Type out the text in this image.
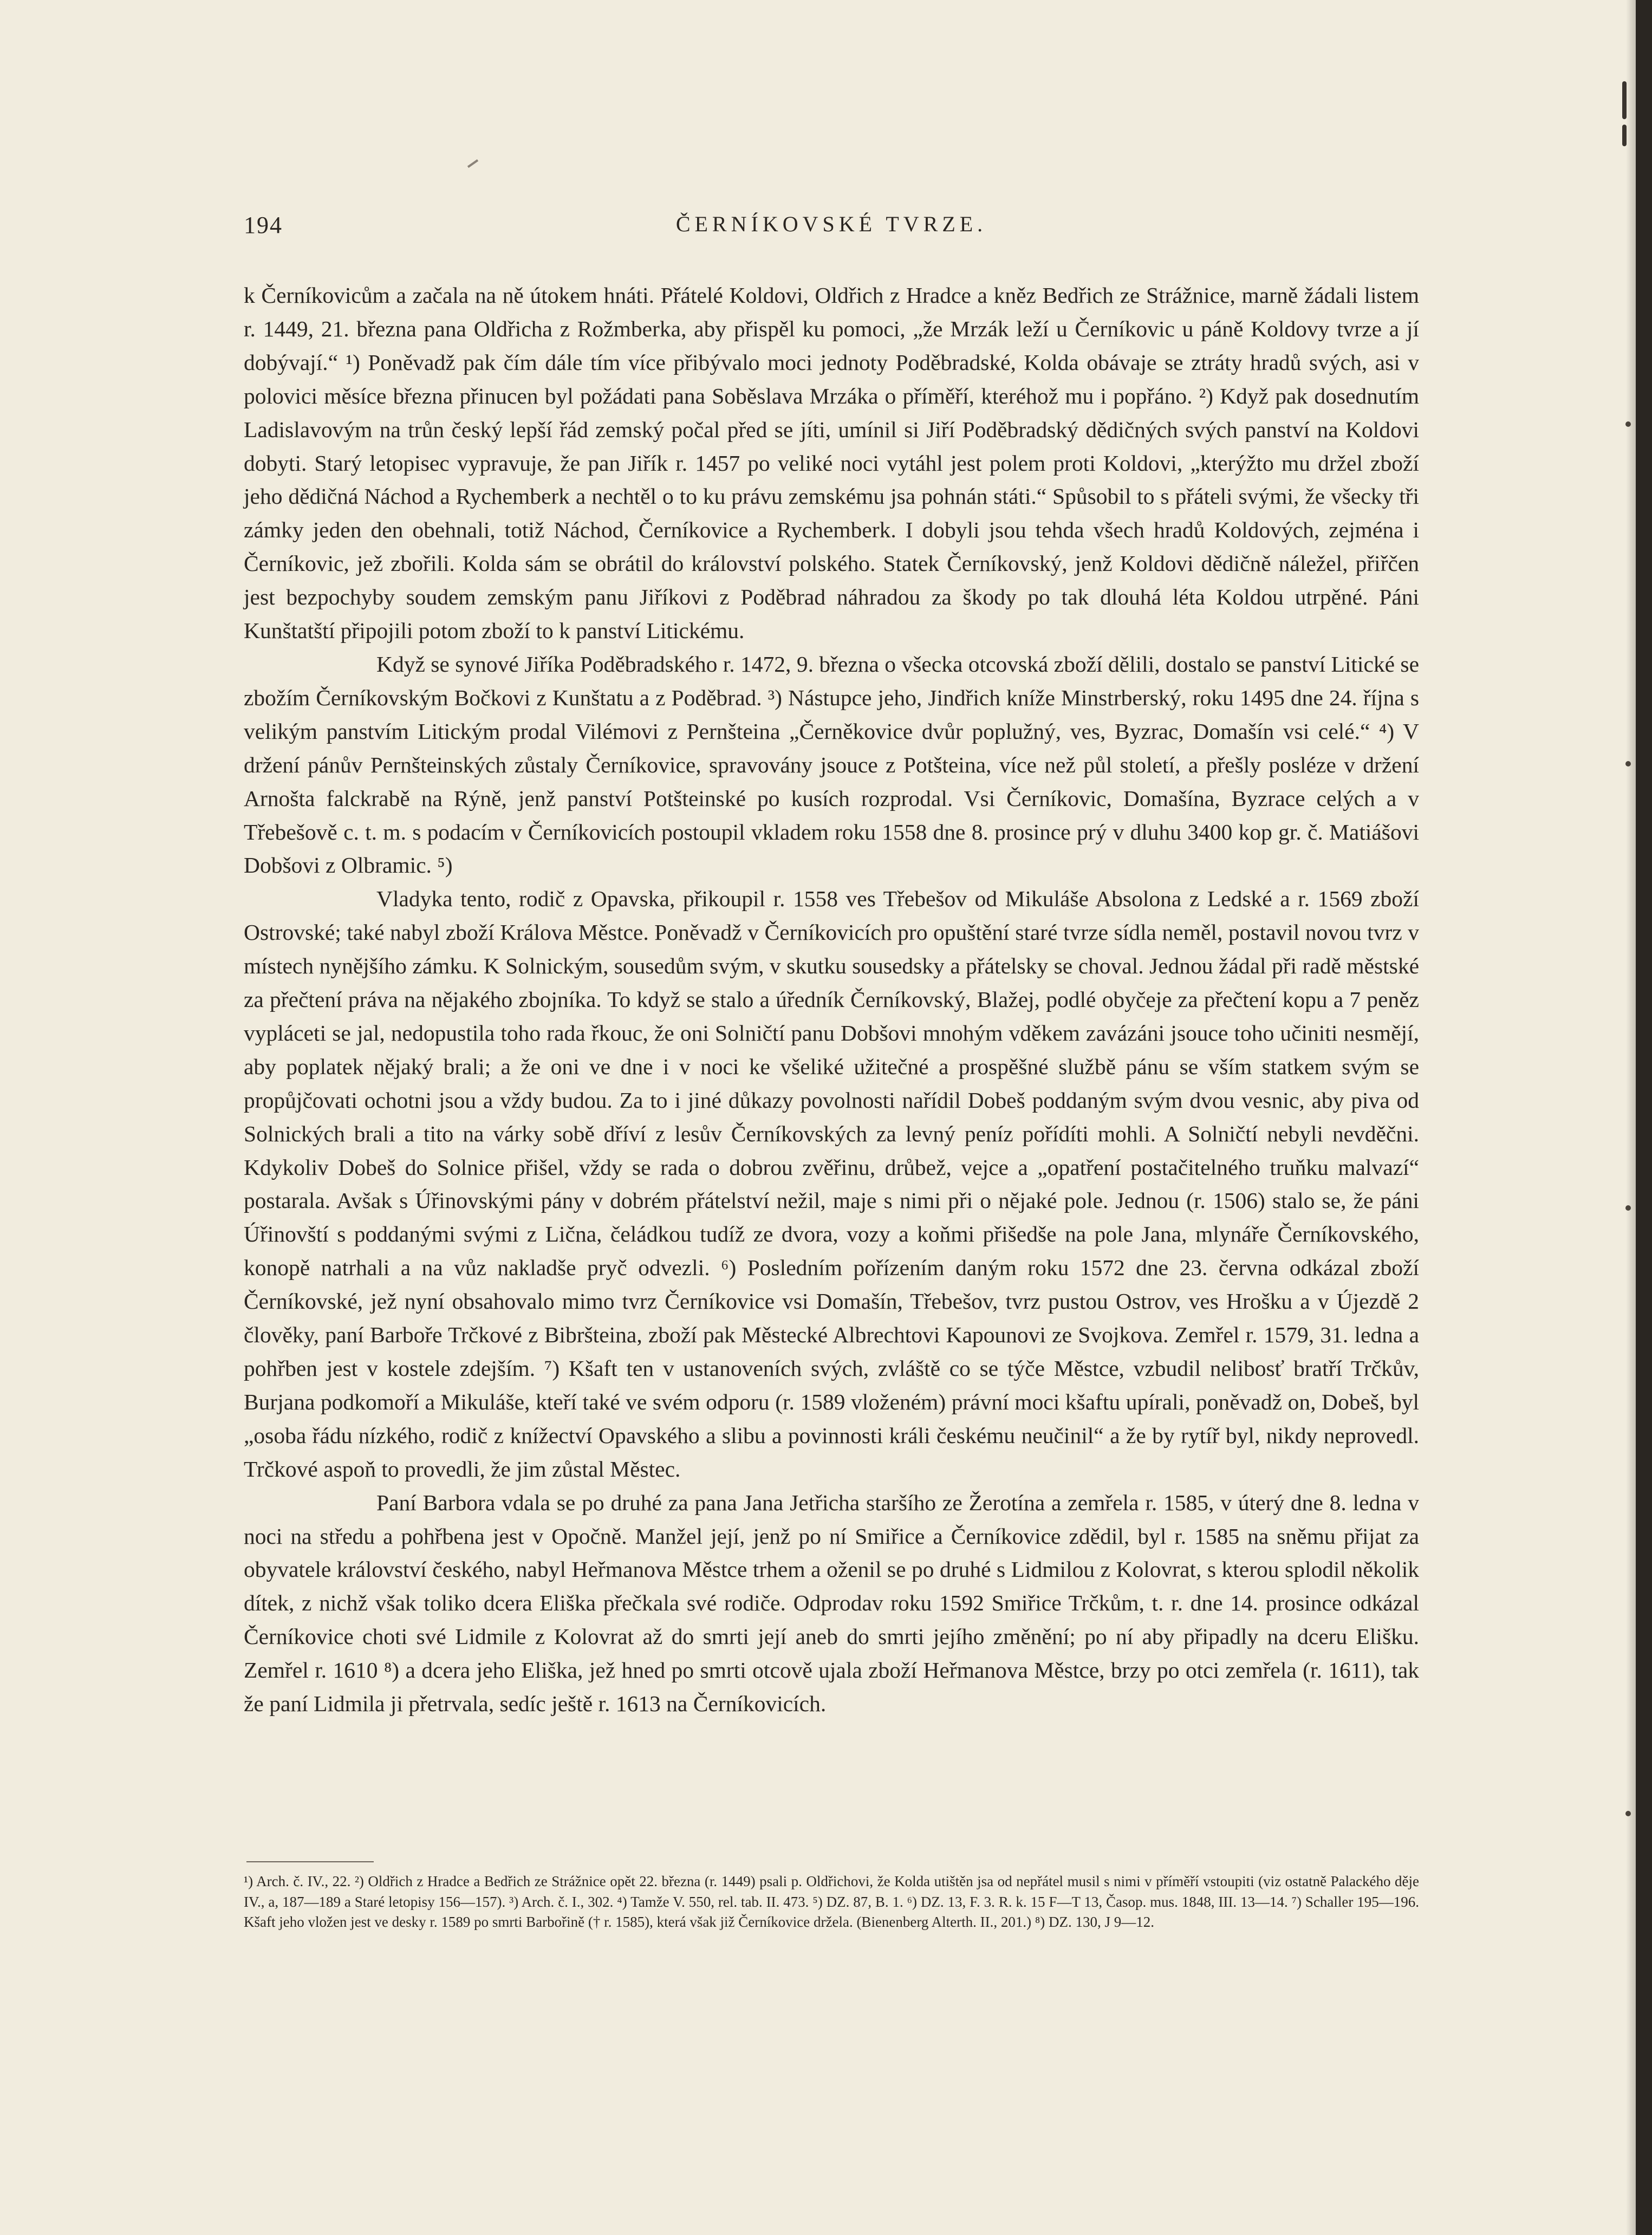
194	ČERNÍKOVSKÉ TVRZE.

k Černíkovicům a začala na ně útokem hnáti. Přátelé Koldovi, Oldřich z Hradce a kněz Bedřich ze Strážnice, marně žádali listem r. 1449, 21. března pana Oldřicha z Rožmberka, aby přispěl ku pomoci, „že Mrzák leží u Černíkovic u páně Koldovy tvrze a jí dobývají.“ ¹) Poněvadž pak čím dále tím více přibývalo moci jednoty Poděbradské, Kolda obávaje se ztráty hradů svých, asi v polovici měsíce března přinucen byl požádati pana Soběslava Mrzáka o příměří, kteréhož mu i popřáno. ²) Když pak dosednutím Ladislavovým na trůn český lepší řád zemský počal před se jíti, umínil si Jiří Poděbradský dědičných svých panství na Koldovi dobyti. Starý letopisec vypravuje, že pan Jiřík r. 1457 po veliké noci vytáhl jest polem proti Koldovi, „kterýžto mu držel zboží jeho dědičná Náchod a Rychemberk a nechtěl o to ku právu zemskému jsa pohnán státi.“ Spůsobil to s přáteli svými, že všecky tři zámky jeden den obehnali, totiž Náchod, Černíkovice a Rychemberk. I dobyli jsou tehda všech hradů Koldových, zejména i Černíkovic, jež zbořili. Kolda sám se obrátil do království polského. Statek Černíkovský, jenž Koldovi dědičně náležel, přiřčen jest bezpochyby soudem zemským panu Jiříkovi z Poděbrad náhradou za škody po tak dlouhá léta Koldou utrpěné. Páni Kunštatští připojili potom zboží to k panství Litickému.

Když se synové Jiříka Poděbradského r. 1472, 9. března o všecka otcovská zboží dělili, dostalo se panství Litické se zbožím Černíkovským Bočkovi z Kunštatu a z Poděbrad. ³) Nástupce jeho, Jindřich kníže Minstrberský, roku 1495 dne 24. října s velikým panstvím Litickým prodal Vilémovi z Pernšteina „Černěkovice dvůr poplužný, ves, Byzrac, Domašín vsi celé.“ ⁴) V držení pánův Pernšteinských zůstaly Černíkovice, spravovány jsouce z Potšteina, více než půl století, a přešly posléze v držení Arnošta falckrabě na Rýně, jenž panství Potšteinské po kusích rozprodal. Vsi Černíkovic, Domašína, Byzrace celých a v Třebešově c. t. m. s podacím v Černíkovicích postoupil vkladem roku 1558 dne 8. prosince prý v dluhu 3400 kop gr. č. Matiášovi Dobšovi z Olbramic. ⁵)

Vladyka tento, rodič z Opavska, přikoupil r. 1558 ves Třebešov od Mikuláše Absolona z Ledské a r. 1569 zboží Ostrovské; také nabyl zboží Králova Městce. Poněvadž v Černíkovicích pro opuštění staré tvrze sídla neměl, postavil novou tvrz v místech nynějšího zámku. K Solnickým, sousedům svým, v skutku sousedsky a přátelsky se choval. Jednou žádal při radě městské za přečtení práva na nějakého zbojníka. To když se stalo a úředník Černíkovský, Blažej, podlé obyčeje za přečtení kopu a 7 peněz vypláceti se jal, nedopustila toho rada řkouc, že oni Solničtí panu Dobšovi mnohým vděkem zavázáni jsouce toho učiniti nesmějí, aby poplatek nějaký brali; a že oni ve dne i v noci ke všeliké užitečné a prospěšné službě pánu se vším statkem svým se propůjčovati ochotni jsou a vždy budou. Za to i jiné důkazy povolnosti nařídil Dobeš poddaným svým dvou vesnic, aby piva od Solnických brali a tito na várky sobě dříví z lesův Černíkovských za levný peníz pořídíti mohli. A Solničtí nebyli nevděčni. Kdykoliv Dobeš do Solnice přišel, vždy se rada o dobrou zvěřinu, drůbež, vejce a „opatření postačitelného truňku malvazí“ postarala. Avšak s Úřinovskými pány v dobrém přátelství nežil, maje s nimi při o nějaké pole. Jednou (r. 1506) stalo se, že páni Úřinovští s poddanými svými z Lična, čeládkou tudíž ze dvora, vozy a koňmi přišedše na pole Jana, mlynáře Černíkovského, konopě natrhali a na vůz nakladše pryč odvezli. ⁶) Posledním pořízením daným roku 1572 dne 23. června odkázal zboží Černíkovské, jež nyní obsahovalo mimo tvrz Černíkovice vsi Domašín, Třebešov, tvrz pustou Ostrov, ves Hrošku a v Újezdě 2 člověky, paní Barboře Trčkové z Bibršteina, zboží pak Městecké Albrechtovi Kapounovi ze Svojkova. Zemřel r. 1579, 31. ledna a pohřben jest v kostele zdejším. ⁷) Kšaft ten v ustanoveních svých, zvláště co se týče Městce, vzbudil nelibosť bratří Trčkův, Burjana podkomoří a Mikuláše, kteří také ve svém odporu (r. 1589 vloženém) právní moci kšaftu upírali, poněvadž on, Dobeš, byl „osoba řádu nízkého, rodič z knížectví Opavského a slibu a povinnosti králi českému neučinil“ a že by rytíř byl, nikdy neprovedl. Trčkové aspoň to provedli, že jim zůstal Městec.

Paní Barbora vdala se po druhé za pana Jana Jetřicha staršího ze Žerotína a zemřela r. 1585, v úterý dne 8. ledna v noci na středu a pohřbena jest v Opočně. Manžel její, jenž po ní Smiřice a Černíkovice zdědil, byl r. 1585 na sněmu přijat za obyvatele království českého, nabyl Heřmanova Městce trhem a oženil se po druhé s Lidmilou z Kolovrat, s kterou splodil několik dítek, z nichž však toliko dcera Eliška přečkala své rodiče. Odprodav roku 1592 Smiřice Trčkům, t. r. dne 14. prosince odkázal Černíkovice choti své Lidmile z Kolovrat až do smrti její aneb do smrti jejího změnění; po ní aby připadly na dceru Elišku. Zemřel r. 1610 ⁸) a dcera jeho Eliška, jež hned po smrti otcově ujala zboží Heřmanova Městce, brzy po otci zemřela (r. 1611), tak že paní Lidmila ji přetrvala, sedíc ještě r. 1613 na Černíkovicích.

¹) Arch. č. IV., 22. ²) Oldřich z Hradce a Bedřich ze Strážnice opět 22. března (r. 1449) psali p. Oldřichovi, že Kolda utištěn jsa od nepřátel musil s nimi v příměří vstoupiti (viz ostatně Palackého děje IV., a, 187—189 a Staré letopisy 156—157). ³) Arch. č. I., 302. ⁴) Tamže V. 550, rel. tab. II. 473. ⁵) DZ. 87, B. 1. ⁶) DZ. 13, F. 3. R. k. 15 F—T 13, Časop. mus. 1848, III. 13—14. ⁷) Schaller 195—196. Kšaft jeho vložen jest ve desky r. 1589 po smrti Barbořině († r. 1585), která však již Černíkovice držela. (Bienenberg Alterth. II., 201.) ⁸) DZ. 130, J 9—12.
